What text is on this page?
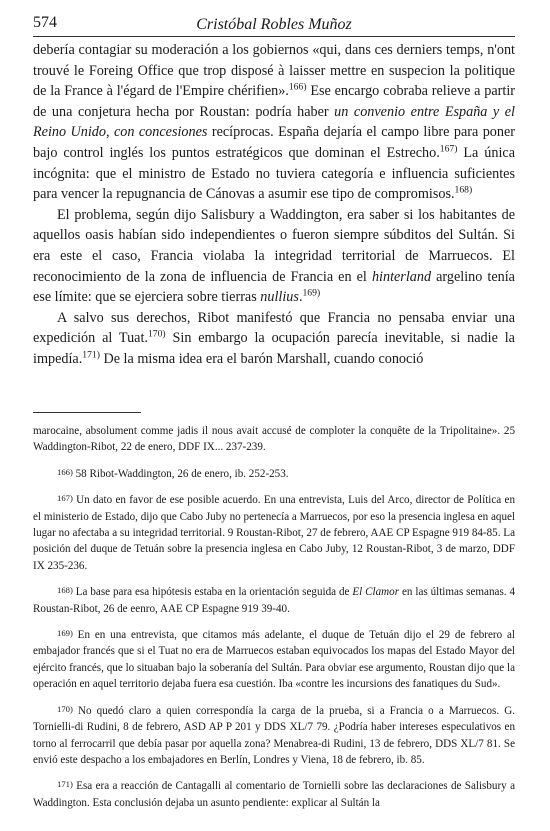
574	Cristóbal Robles Muñoz

debería contagiar su moderación a los gobiernos «qui, dans ces derniers temps, n'ont trouvé le Foreing Office que trop disposé à laisser mettre en suspecion la politique de la France à l'égard de l'Empire chérifien».$^{166)}$ Ese encargo cobraba relieve a partir de una conjetura hecha por Roustan: podría haber un convenio entre España y el Reino Unido, con concesiones recíprocas. España dejaría el campo libre para poner bajo control inglés los puntos estratégicos que dominan el Estrecho.$^{167)}$ La única incógnita: que el ministro de Estado no tuviera categoría e influencia suficientes para vencer la repugnancia de Cánovas a asumir ese tipo de compromisos.$^{168)}$

El problema, según dijo Salisbury a Waddington, era saber si los habitantes de aquellos oasis habían sido independientes o fueron siempre súbditos del Sultán. Si era este el caso, Francia violaba la integridad territorial de Marruecos. El reconocimiento de la zona de influencia de Francia en el hinterland argelino tenía ese límite: que se ejerciera sobre tierras nullius.$^{169)}$

A salvo sus derechos, Ribot manifestó que Francia no pensaba enviar una expedición al Tuat.$^{170)}$ Sin embargo la ocupación parecía inevitable, si nadie la impedía.$^{171)}$ De la misma idea era el barón Marshall, cuando conoció

marocaine, absolument comme jadis il nous avait accusé de comploter la conquête de la Tripolitaine». 25 Waddington-Ribot, 22 de enero, DDF IX... 237-239.

166) 58 Ribot-Waddington, 26 de enero, ib. 252-253.

167) Un dato en favor de ese posible acuerdo. En una entrevista, Luis del Arco, director de Política en el ministerio de Estado, dijo que Cabo Juby no pertenecía a Marruecos, por eso la presencia inglesa en aquel lugar no afectaba a su integridad territorial. 9 Roustan-Ribot, 27 de febrero, AAE CP Espagne 919 84-85. La posición del duque de Tetuán sobre la presencia inglesa en Cabo Juby, 12 Roustan-Ribot, 3 de marzo, DDF IX 235-236.

168) La base para esa hipótesis estaba en la orientación seguida de El Clamor en las últimas semanas. 4 Roustan-Ribot, 26 de eenro, AAE CP Espagne 919 39-40.

169) En en una entrevista, que citamos más adelante, el duque de Tetuán dijo el 29 de febrero al embajador francés que si el Tuat no era de Marruecos estaban equivocados los mapas del Estado Mayor del ejército francés, que lo situaban bajo la soberanía del Sultán. Para obviar ese argumento, Roustan dijo que la operación en aquel territorio dejaba fuera esa cuestión. Iba «contre les incursions des fanatiques du Sud».

170) No quedó claro a quien correspondía la carga de la prueba, si a Francia o a Marruecos. G. Tornielli-di Rudini, 8 de febrero, ASD AP P 201 y DDS XL/7 79. ¿Podría haber intereses especulativos en torno al ferrocarril que debía pasar por aquella zona? Menabrea-di Rudini, 13 de febrero, DDS XL/7 81. Se envió este despacho a los embajadores en Berlín, Londres y Viena, 18 de febrero, ib. 85.

171) Esa era a reacción de Cantagalli al comentario de Tornielli sobre las declaraciones de Salisbury a Waddington. Esta conclusión dejaba un asunto pendiente: explicar al Sultán la
